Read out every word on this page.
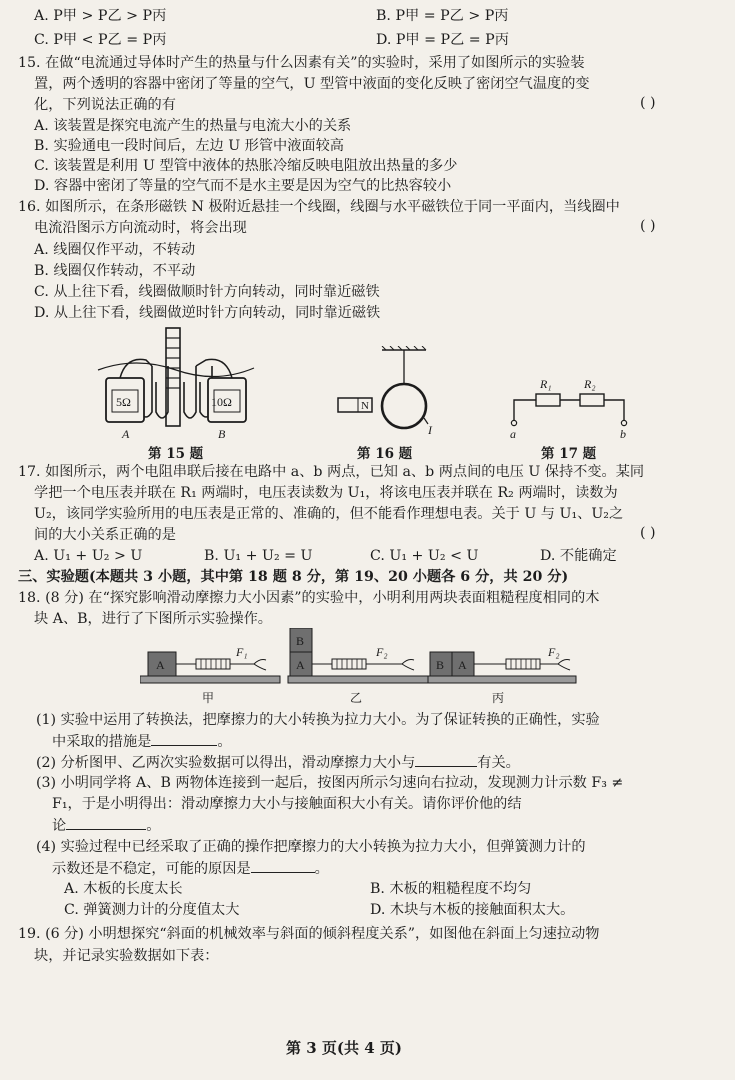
A. P甲 > P乙 > P丙	B. P甲 = P乙 > P丙
C. P甲 < P乙 = P丙	D. P甲 = P乙 = P丙
15. 在做“电流通过导体时产生的热量与什么因素有关”的实验时，采用了如图所示的实验装
置，两个透明的容器中密闭了等量的空气，U 型管中液面的变化反映了密闭空气温度的变
化，下列说法正确的有	( )
A. 该装置是探究电流产生的热量与电流大小的关系
B. 实验通电一段时间后，左边 U 形管中液面较高
C. 该装置是利用 U 型管中液体的热胀冷缩反映电阻放出热量的多少
D. 容器中密闭了等量的空气而不是水主要是因为空气的比热容较小
16. 如图所示，在条形磁铁 N 极附近悬挂一个线圈，线圈与水平磁铁位于同一平面内，当线圈中
电流沿图示方向流动时，将会出现	( )
A. 线圈仅作平动，不转动
B. 线圈仅作转动，不平动
C. 从上往下看，线圈做顺时针方向转动，同时靠近磁铁
D. 从上往下看，线圈做逆时针方向转动，同时靠近磁铁
5Ω	10Ω
A	B
第 15 题
N
I
第 16 题
R₁	R₂
a	b
第 17 题
17. 如图所示，两个电阻串联后接在电路中 a、b 两点，已知 a、b 两点间的电压 U 保持不变。某同
学把一个电压表并联在 R₁ 两端时，电压表读数为 U₁，将该电压表并联在 R₂ 两端时，读数为
U₂，该同学实验所用的电压表是正常的、准确的，但不能看作理想电表。关于 U 与 U₁、U₂之
间的大小关系正确的是	( )
A. U₁ + U₂ > U	B. U₁ + U₂ = U	C. U₁ + U₂ < U	D. 不能确定
三、实验题(本题共 3 小题，其中第 18 题 8 分，第 19、20 小题各 6 分，共 20 分)
18. (8 分) 在“探究影响滑动摩擦力大小因素”的实验中，小明利用两块表面粗糙程度相同的木
块 A、B，进行了下图所示实验操作。
A
F₁
甲
A
B
F₂
乙
B A
F₂
丙
(1) 实验中运用了转换法，把摩擦力的大小转换为拉力大小。为了保证转换的正确性，实验
中采取的措施是	。
(2) 分析图甲、乙两次实验数据可以得出，滑动摩擦力大小与	有关。
(3) 小明同学将 A、B 两物体连接到一起后，按图丙所示匀速向右拉动，发现测力计示数 F₃ ≠
F₁，于是小明得出：滑动摩擦力大小与接触面积大小有关。请你评价他的结
论	。
(4) 实验过程中已经采取了正确的操作把摩擦力的大小转换为拉力大小，但弹簧测力计的
示数还是不稳定，可能的原因是	。
A. 木板的长度太长	B. 木板的粗糙程度不均匀
C. 弹簧测力计的分度值太大	D. 木块与木板的接触面积太大。
19. (6 分) 小明想探究“斜面的机械效率与斜面的倾斜程度关系”，如图他在斜面上匀速拉动物
块，并记录实验数据如下表：
第 3 页(共 4 页)
